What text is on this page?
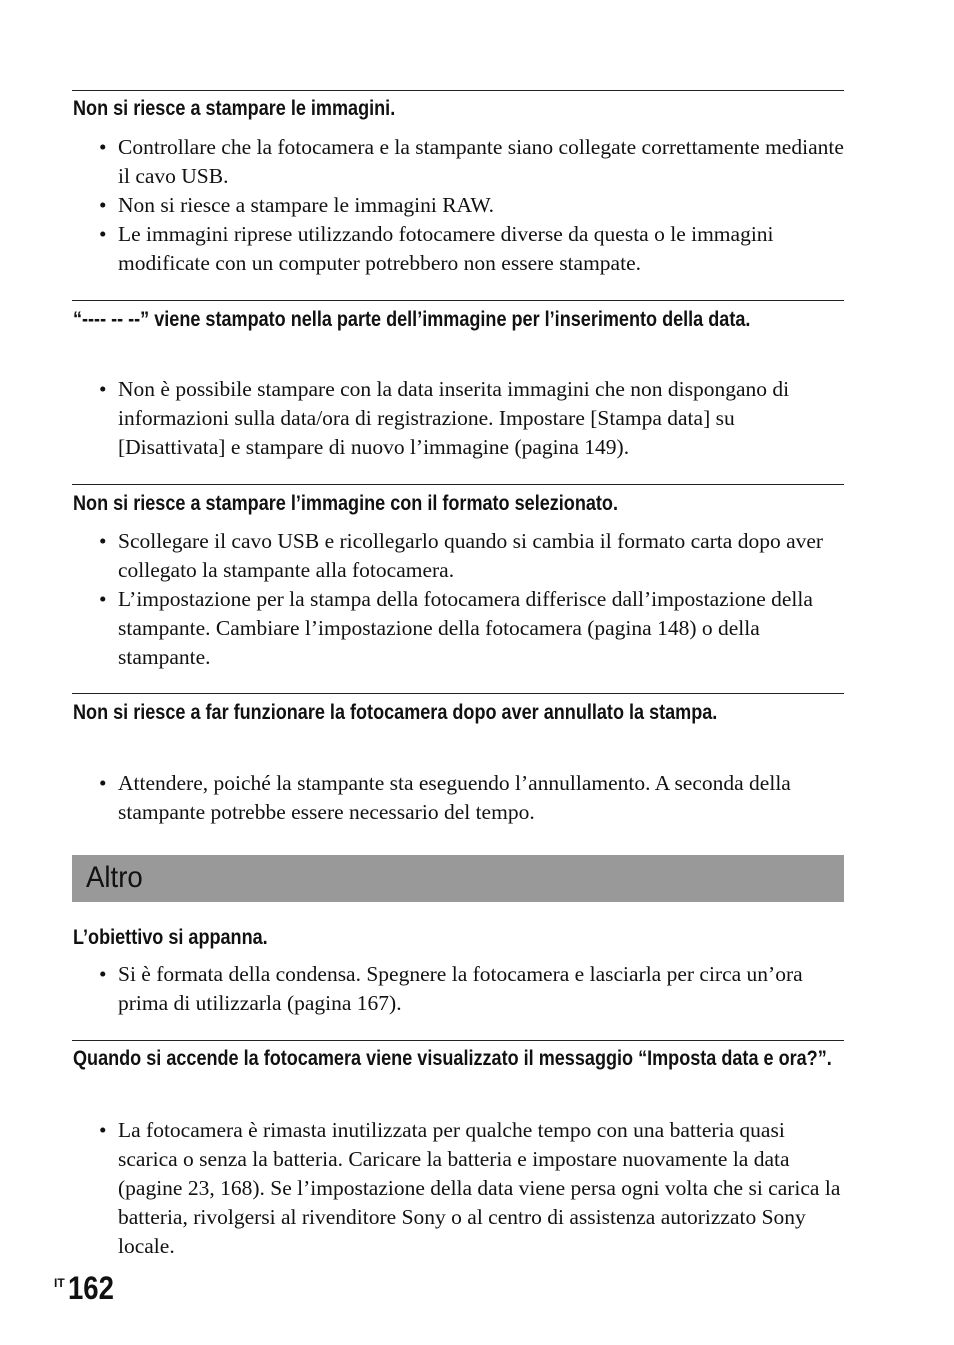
Non si riesce a stampare le immagini.
• Controllare che la fotocamera e la stampante siano collegate correttamente mediante il cavo USB.
• Non si riesce a stampare le immagini RAW.
• Le immagini riprese utilizzando fotocamere diverse da questa o le immagini modificate con un computer potrebbero non essere stampate.
“---- -- --” viene stampato nella parte dell’immagine per l’inserimento della data.
• Non è possibile stampare con la data inserita immagini che non dispongano di informazioni sulla data/ora di registrazione. Impostare [Stampa data] su [Disattivata] e stampare di nuovo l’immagine (pagina 149).
Non si riesce a stampare l’immagine con il formato selezionato.
• Scollegare il cavo USB e ricollegarlo quando si cambia il formato carta dopo aver collegato la stampante alla fotocamera.
• L’impostazione per la stampa della fotocamera differisce dall’impostazione della stampante. Cambiare l’impostazione della fotocamera (pagina 148) o della stampante.
Non si riesce a far funzionare la fotocamera dopo aver annullato la stampa.
• Attendere, poiché la stampante sta eseguendo l’annullamento. A seconda della stampante potrebbe essere necessario del tempo.
Altro
L’obiettivo si appanna.
• Si è formata della condensa. Spegnere la fotocamera e lasciarla per circa un’ora prima di utilizzarla (pagina 167).
Quando si accende la fotocamera viene visualizzato il messaggio “Imposta data e ora?”.
• La fotocamera è rimasta inutilizzata per qualche tempo con una batteria quasi scarica o senza la batteria. Caricare la batteria e impostare nuovamente la data (pagine 23, 168). Se l’impostazione della data viene persa ogni volta che si carica la batteria, rivolgersi al rivenditore Sony o al centro di assistenza autorizzato Sony locale.
IT 162
